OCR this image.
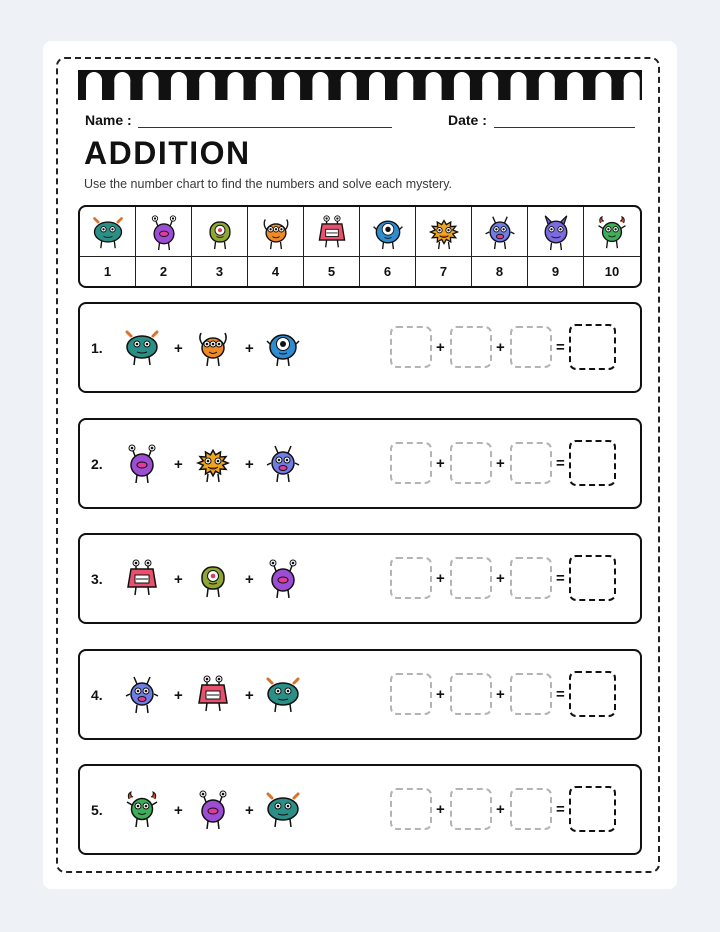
Name :	Date :
ADDITION
Use the number chart to find the numbers and solve each mystery.
1	2	3	4	5	6	7	8	9	10
1.	+	+	+	+	=
2.	+	+	+	+	=
3.	+	+	+	+	=
4.	+	+	+	+	=
5.	+	+	+	+	=
